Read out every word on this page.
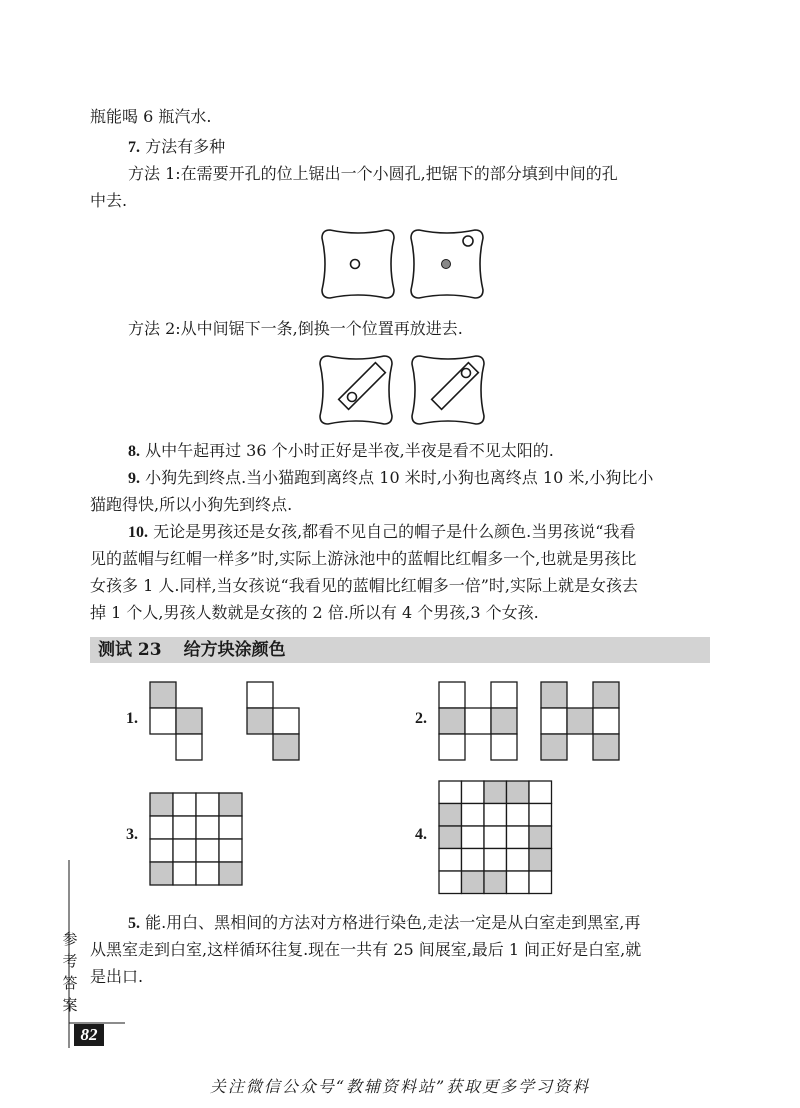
瓶能喝 6 瓶汽水.
7. 方法有多种
方法 1:在需要开孔的位上锯出一个小圆孔,把锯下的部分填到中间的孔
中去.
方法 2:从中间锯下一条,倒换一个位置再放进去.
8. 从中午起再过 36 个小时正好是半夜,半夜是看不见太阳的.
9. 小狗先到终点.当小猫跑到离终点 10 米时,小狗也离终点 10 米,小狗比小
猫跑得快,所以小狗先到终点.
10. 无论是男孩还是女孩,都看不见自己的帽子是什么颜色.当男孩说“我看
见的蓝帽与红帽一样多”时,实际上游泳池中的蓝帽比红帽多一个,也就是男孩比
女孩多 1 人.同样,当女孩说“我看见的蓝帽比红帽多一倍”时,实际上就是女孩去
掉 1 个人,男孩人数就是女孩的 2 倍.所以有 4 个男孩,3 个女孩.
测试 23 给方块涂颜色
1.	2.
3.	4.
5. 能.用白、黑相间的方法对方格进行染色,走法一定是从白室走到黑室,再
从黑室走到白室,这样循环往复.现在一共有 25 间展室,最后 1 间正好是白室,就
是出口.
参
考
答
案
82
关注微信公众号“教辅资料站”获取更多学习资料
